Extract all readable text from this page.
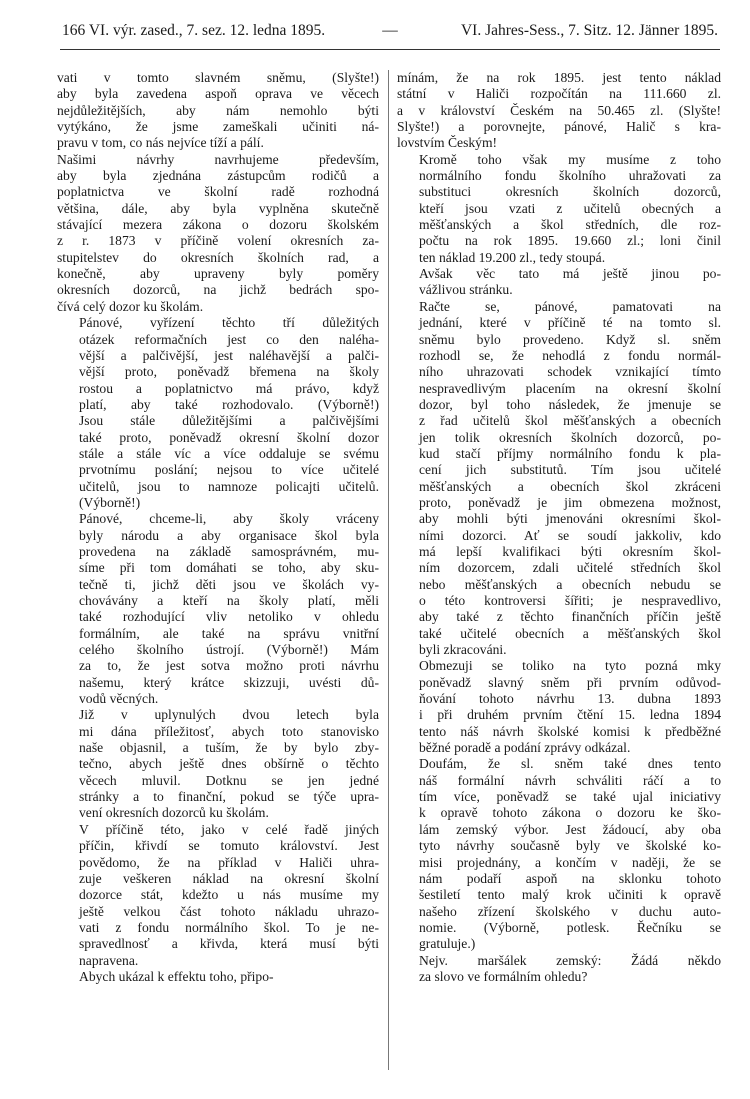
166 VI. výr. zased., 7. sez. 12. ledna 1895.	—	VI. Jahres-Sess., 7. Sitz. 12. Jänner 1895.

vati v tomto slavném sněmu, (Slyšte!)
aby byla zavedena aspoň oprava ve věcech
nejdůležitějších, aby nám nemohlo býti
vytýkáno, že jsme zameškali učiniti ná-
pravu v tom, co nás nejvíce tíží a pálí.

Našimi návrhy navrhujeme především,
aby byla zjednána zástupcům rodičů a
poplatnictva ve školní radě rozhodná
většina, dále, aby byla vyplněna skutečně
stávající mezera zákona o dozoru školském
z r. 1873 v příčině volení okresních za-
stupitelstev do okresních školních rad, a
konečně, aby upraveny byly poměry
okresních dozorců, na jichž bedrách spo-
čívá celý dozor ku školám.

Pánové, vyřízení těchto tří důležitých
otázek reformačních jest co den naléha-
vější a palčivější, jest naléhavější a palči-
vější proto, poněvadž břemena na školy
rostou a poplatnictvo má právo, když
platí, aby také rozhodovalo. (Výborně!)
Jsou stále důležitějšími a palčivějšími
také proto, poněvadž okresní školní dozor
stále a stále víc a více oddaluje se svému
prvotnímu poslání; nejsou to více učitelé
učitelů, jsou to namnoze policajti učitelů.
(Výborně!)

Pánové, chceme-li, aby školy vráceny
byly národu a aby organisace škol byla
provedena na základě samosprávném, mu-
síme při tom domáhati se toho, aby sku-
tečně ti, jichž děti jsou ve školách vy-
chovávány a kteří na školy platí, měli
také rozhodující vliv netoliko v ohledu
formálním, ale také na správu vnitřní
celého školního ústrojí. (Výborně!) Mám
za to, že jest sotva možno proti návrhu
našemu, který krátce skizzuji, uvésti dů-
vodů věcných.

Již v uplynulých dvou letech byla
mi dána příležitosť, abych toto stanovisko
naše objasnil, a tuším, že by bylo zby-
tečno, abych ještě dnes obšírně o těchto
věcech mluvil. Dotknu se jen jedné
stránky a to finanční, pokud se týče upra-
vení okresních dozorců ku školám.

V příčině této, jako v celé řadě jiných
příčin, křivdí se tomuto království. Jest
povědomo, že na příklad v Haliči uhra-
zuje veškeren náklad na okresní školní
dozorce stát, kdežto u nás musíme my
ještě velkou část tohoto nákladu uhrazo-
vati z fondu normálního škol. To je ne-
spravedlnosť a křivda, která musí býti
napravena.

Abych ukázal k effektu toho, připo-

mínám, že na rok 1895. jest tento náklad
státní v Haliči rozpočítán na 111.660 zl.
a v království Českém na 50.465 zl. (Slyšte!
Slyšte!) a porovnejte, pánové, Halič s kra-
lovstvím Českým!

Kromě toho však my musíme z toho
normálního fondu školního uhražovati za
substituci okresních školních dozorců,
kteří jsou vzati z učitelů obecných a
měšťanských a škol středních, dle roz-
počtu na rok 1895. 19.660 zl.; loni činil
ten náklad 19.200 zl., tedy stoupá.

Avšak věc tato má ještě jinou po-
vážlivou stránku.

Račte se, pánové, pamatovati na
jednání, které v příčině té na tomto sl.
sněmu bylo provedeno. Když sl. sněm
rozhodl se, že nehodlá z fondu normál-
ního uhrazovati schodek vznikající tímto
nespravedlivým placením na okresní školní
dozor, byl toho následek, že jmenuje se
z řad učitelů škol měšťanských a obecních
jen tolik okresních školních dozorců, po-
kud stačí příjmy normálního fondu k pla-
cení jich substitutů. Tím jsou učitelé
měšťanských a obecních škol zkráceni
proto, poněvadž je jim obmezena možnost,
aby mohli býti jmenováni okresními škol-
ními dozorci. Ať se soudí jakkoliv, kdo
má lepší kvalifikaci býti okresním škol-
ním dozorcem, zdali učitelé středních škol
nebo měšťanských a obecních nebudu se
o této kontroversi šířiti; je nespravedlivo,
aby také z těchto finančních příčin ještě
také učitelé obecních a měšťanských škol
byli zkracováni.

Obmezuji se toliko na tyto pozná mky
poněvadž slavný sněm při prvním odůvod-
ňování tohoto návrhu 13. dubna 1893
i při druhém prvním čtění 15. ledna 1894
tento náš návrh školské komisi k předběžné
běžné poradě a podání zprávy odkázal.

Doufám, že sl. sněm také dnes tento
náš formální návrh schváliti ráčí a to
tím více, poněvadž se také ujal iniciativy
k opravě tohoto zákona o dozoru ke ško-
lám zemský výbor. Jest žádoucí, aby oba
tyto návrhy současně byly ve školské ko-
misi projednány, a končím v naději, že se
nám podaří aspoň na sklonku tohoto
šestiletí tento malý krok učiniti k opravě
našeho zřízení školského v duchu auto-
nomie. (Výborně, potlesk. Řečníku se
gratuluje.)

Nejv. maršálek zemský: Žádá někdo
za slovo ve formálním ohledu?
